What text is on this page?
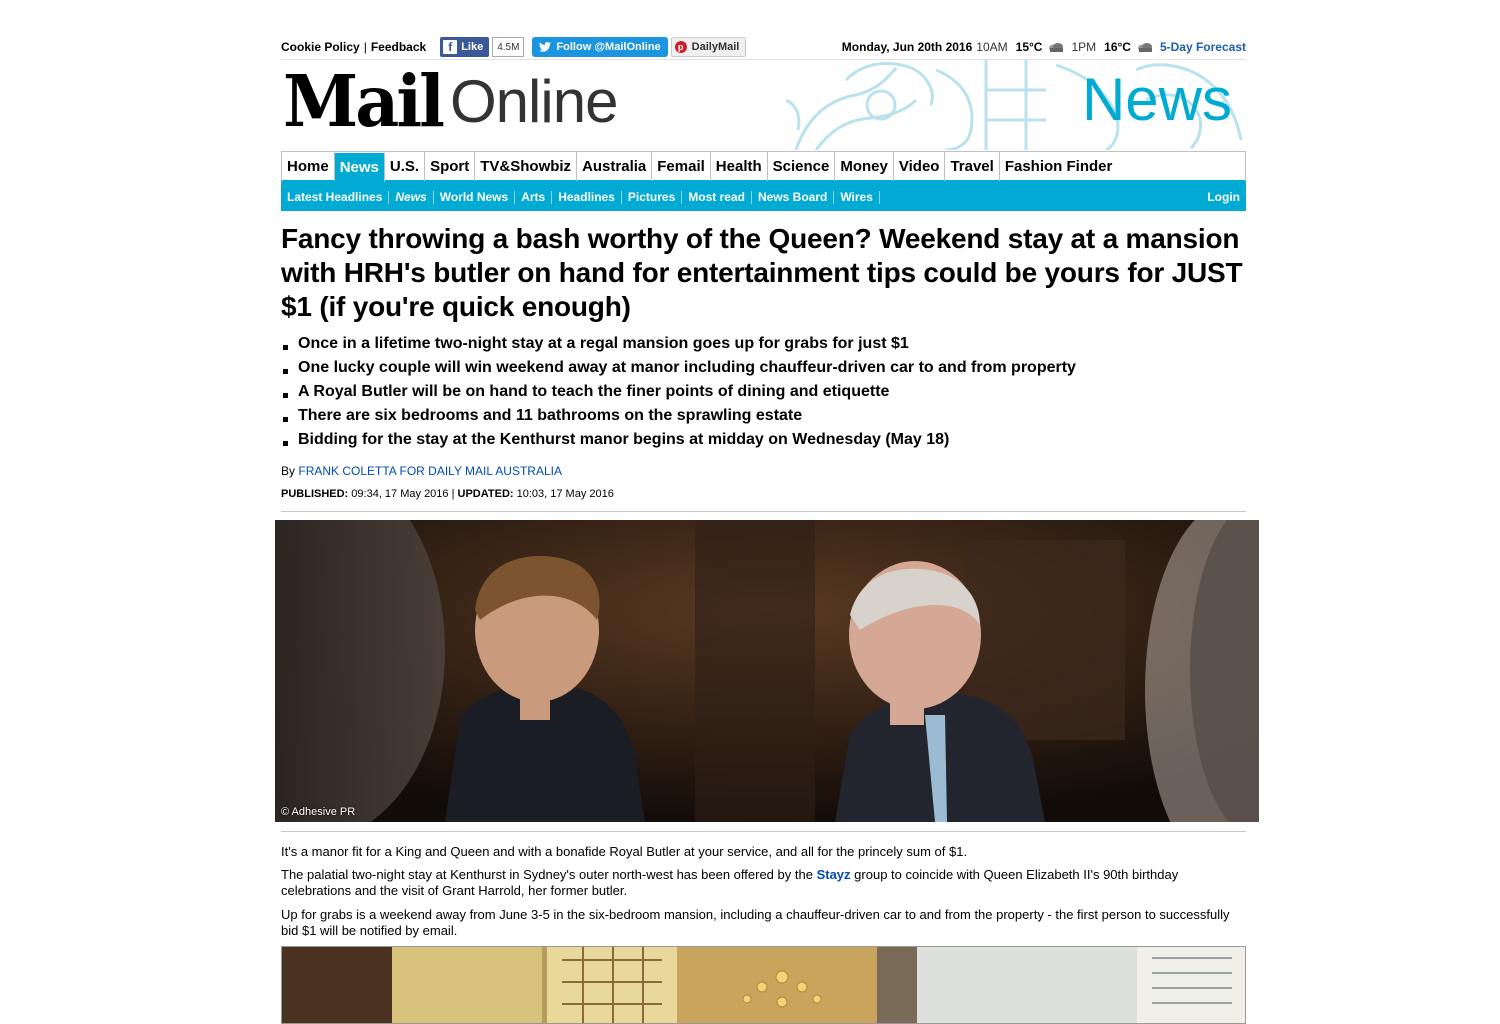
Cookie Policy | Feedback	f Like	4.5M	Follow @MailOnline	p DailyMail	Monday, Jun 20th 2016 10AM 15°C 1PM 16°C 5-Day Forecast
Mail Online	News
Home News U.S. Sport TV&Showbiz Australia Femail Health Science Money Video Travel Fashion Finder
Latest Headlines	News	World News	Arts	Headlines	Pictures	Most read	News Board	Wires	Login
Fancy throwing a bash worthy of the Queen? Weekend stay at a mansion with HRH's butler on hand for entertainment tips could be yours for JUST $1 (if you're quick enough)
Once in a lifetime two-night stay at a regal mansion goes up for grabs for just $1
One lucky couple will win weekend away at manor including chauffeur-driven car to and from property
A Royal Butler will be on hand to teach the finer points of dining and etiquette
There are six bedrooms and 11 bathrooms on the sprawling estate
Bidding for the stay at the Kenthurst manor begins at midday on Wednesday (May 18)
By FRANK COLETTA FOR DAILY MAIL AUSTRALIA
PUBLISHED: 09:34, 17 May 2016 | UPDATED: 10:03, 17 May 2016
© Adhesive PR

It's a manor fit for a King and Queen and with a bonafide Royal Butler at your service, and all for the princely sum of $1.

The palatial two-night stay at Kenthurst in Sydney's outer north-west has been offered by the Stayz group to coincide with Queen Elizabeth II's 90th birthday celebrations and the visit of Grant Harrold, her former butler.

Up for grabs is a weekend away from June 3-5 in the six-bedroom mansion, including a chauffeur-driven car to and from the property - the first person to successfully bid $1 will be notified by email.
